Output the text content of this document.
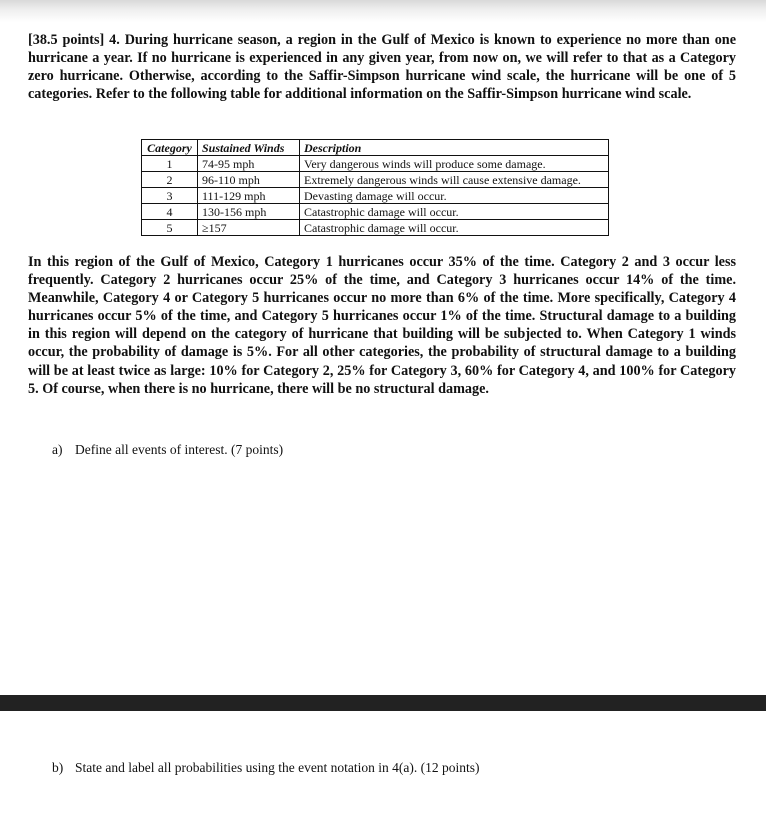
[38.5 points] 4. During hurricane season, a region in the Gulf of Mexico is known to experience no more than one hurricane a year. If no hurricane is experienced in any given year, from now on, we will refer to that as a Category zero hurricane. Otherwise, according to the Saffir-Simpson hurricane wind scale, the hurricane will be one of 5 categories. Refer to the following table for additional information on the Saffir-Simpson hurricane wind scale.

Category	Sustained Winds	Description
1	74-95 mph	Very dangerous winds will produce some damage.
2	96-110 mph	Extremely dangerous winds will cause extensive damage.
3	111-129 mph	Devasting damage will occur.
4	130-156 mph	Catastrophic damage will occur.
5	≥157	Catastrophic damage will occur.

In this region of the Gulf of Mexico, Category 1 hurricanes occur 35% of the time. Category 2 and 3 occur less frequently. Category 2 hurricanes occur 25% of the time, and Category 3 hurricanes occur 14% of the time. Meanwhile, Category 4 or Category 5 hurricanes occur no more than 6% of the time. More specifically, Category 4 hurricanes occur 5% of the time, and Category 5 hurricanes occur 1% of the time. Structural damage to a building in this region will depend on the category of hurricane that building will be subjected to. When Category 1 winds occur, the probability of damage is 5%. For all other categories, the probability of structural damage to a building will be at least twice as large: 10% for Category 2, 25% for Category 3, 60% for Category 4, and 100% for Category 5. Of course, when there is no hurricane, there will be no structural damage.

a) Define all events of interest. (7 points)

b) State and label all probabilities using the event notation in 4(a). (12 points)
